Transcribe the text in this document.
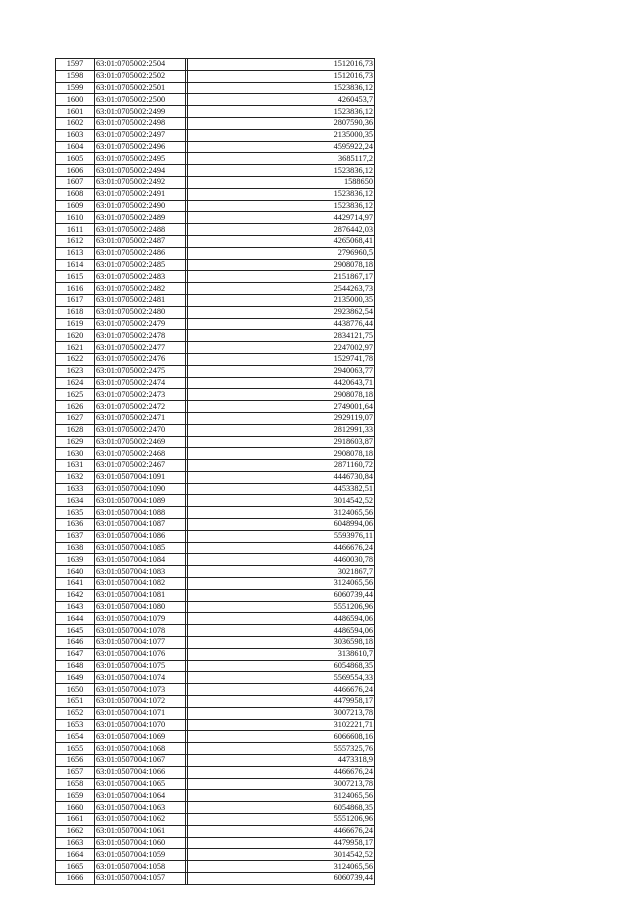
1597	63:01:0705002:2504		1512016,73
1598	63:01:0705002:2502		1512016,73
1599	63:01:0705002:2501		1523836,12
1600	63:01:0705002:2500		4260453,7
1601	63:01:0705002:2499		1523836,12
1602	63:01:0705002:2498		2807590,36
1603	63:01:0705002:2497		2135000,35
1604	63:01:0705002:2496		4595922,24
1605	63:01:0705002:2495		3685117,2
1606	63:01:0705002:2494		1523836,12
1607	63:01:0705002:2492		1588650
1608	63:01:0705002:2491		1523836,12
1609	63:01:0705002:2490		1523836,12
1610	63:01:0705002:2489		4429714,97
1611	63:01:0705002:2488		2876442,03
1612	63:01:0705002:2487		4265068,41
1613	63:01:0705002:2486		2796960,5
1614	63:01:0705002:2485		2908078,18
1615	63:01:0705002:2483		2151867,17
1616	63:01:0705002:2482		2544263,73
1617	63:01:0705002:2481		2135000,35
1618	63:01:0705002:2480		2923862,54
1619	63:01:0705002:2479		4438776,44
1620	63:01:0705002:2478		2834121,75
1621	63:01:0705002:2477		2247002,97
1622	63:01:0705002:2476		1529741,78
1623	63:01:0705002:2475		2940063,77
1624	63:01:0705002:2474		4420643,71
1625	63:01:0705002:2473		2908078,18
1626	63:01:0705002:2472		2749001,64
1627	63:01:0705002:2471		2929119,07
1628	63:01:0705002:2470		2812991,33
1629	63:01:0705002:2469		2918603,87
1630	63:01:0705002:2468		2908078,18
1631	63:01:0705002:2467		2871160,72
1632	63:01:0507004:1091		4446730,84
1633	63:01:0507004:1090		4453382,51
1634	63:01:0507004:1089		3014542,52
1635	63:01:0507004:1088		3124065,56
1636	63:01:0507004:1087		6048994,06
1637	63:01:0507004:1086		5593976,11
1638	63:01:0507004:1085		4466676,24
1639	63:01:0507004:1084		4460030,78
1640	63:01:0507004:1083		3021867,7
1641	63:01:0507004:1082		3124065,56
1642	63:01:0507004:1081		6060739,44
1643	63:01:0507004:1080		5551206,96
1644	63:01:0507004:1079		4486594,06
1645	63:01:0507004:1078		4486594,06
1646	63:01:0507004:1077		3036598,18
1647	63:01:0507004:1076		3138610,7
1648	63:01:0507004:1075		6054868,35
1649	63:01:0507004:1074		5569554,33
1650	63:01:0507004:1073		4466676,24
1651	63:01:0507004:1072		4479958,17
1652	63:01:0507004:1071		3007213,78
1653	63:01:0507004:1070		3102221,71
1654	63:01:0507004:1069		6066608,16
1655	63:01:0507004:1068		5557325,76
1656	63:01:0507004:1067		4473318,9
1657	63:01:0507004:1066		4466676,24
1658	63:01:0507004:1065		3007213,78
1659	63:01:0507004:1064		3124065,56
1660	63:01:0507004:1063		6054868,35
1661	63:01:0507004:1062		5551206,96
1662	63:01:0507004:1061		4466676,24
1663	63:01:0507004:1060		4479958,17
1664	63:01:0507004:1059		3014542,52
1665	63:01:0507004:1058		3124065,56
1666	63:01:0507004:1057		6060739,44
